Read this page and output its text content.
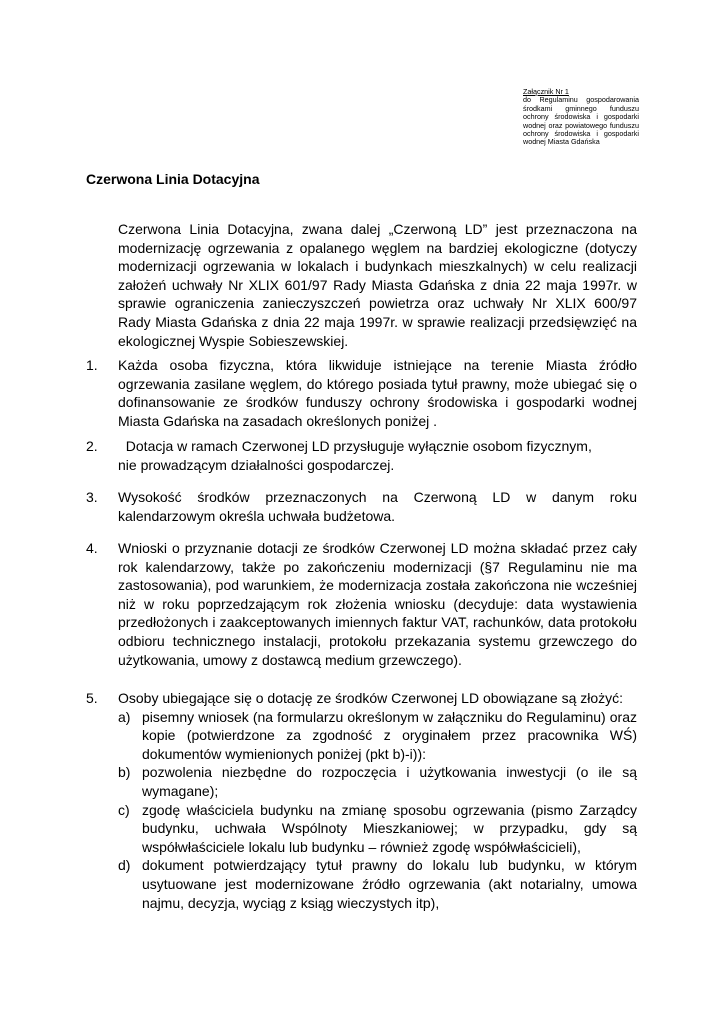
Załącznik Nr 1
do Regulaminu gospodarowania środkami gminnego funduszu ochrony środowiska i gospodarki wodnej oraz powiatowego funduszu ochrony środowiska i gospodarki wodnej Miasta Gdańska
Czerwona Linia Dotacyjna
Czerwona Linia Dotacyjna, zwana dalej „Czerwoną LD” jest przeznaczona na modernizację ogrzewania z opalanego węglem na bardziej ekologiczne (dotyczy modernizacji ogrzewania w lokalach i budynkach mieszkalnych) w celu realizacji założeń uchwały Nr XLIX 601/97 Rady Miasta Gdańska z dnia 22 maja 1997r. w sprawie ograniczenia zanieczyszczeń powietrza oraz uchwały Nr XLIX 600/97 Rady Miasta Gdańska z dnia 22 maja 1997r. w sprawie realizacji przedsięwzięć na ekologicznej Wyspie Sobieszewskiej.
1. Każda osoba fizyczna, która likwiduje istniejące na terenie Miasta źródło ogrzewania zasilane węglem, do którego posiada tytuł prawny, może ubiegać się o dofinansowanie ze środków funduszy ochrony środowiska i gospodarki wodnej Miasta Gdańska na zasadach określonych poniżej .
2. Dotacja w ramach Czerwonej LD przysługuje wyłącznie osobom fizycznym,
nie prowadzącym działalności gospodarczej.
3. Wysokość środków przeznaczonych na Czerwoną LD w danym roku kalendarzowym określa uchwała budżetowa.
4. Wnioski o przyznanie dotacji ze środków Czerwonej LD można składać przez cały rok kalendarzowy, także po zakończeniu modernizacji (§7 Regulaminu nie ma zastosowania), pod warunkiem, że modernizacja została zakończona nie wcześniej niż w roku poprzedzającym rok złożenia wniosku (decyduje: data wystawienia przedłożonych i zaakceptowanych imiennych faktur VAT, rachunków, data protokołu odbioru technicznego instalacji, protokołu przekazania systemu grzewczego do użytkowania, umowy z dostawcą medium grzewczego).
5. Osoby ubiegające się o dotację ze środków Czerwonej LD obowiązane są złożyć:
a) pisemny wniosek (na formularzu określonym w załączniku do Regulaminu) oraz kopie (potwierdzone za zgodność z oryginałem przez pracownika WŚ) dokumentów wymienionych poniżej (pkt b)-i)):
b) pozwolenia niezbędne do rozpoczęcia i użytkowania inwestycji (o ile są wymagane);
c) zgodę właściciela budynku na zmianę sposobu ogrzewania (pismo Zarządcy budynku, uchwała Wspólnoty Mieszkaniowej; w przypadku, gdy są współwłaściciele lokalu lub budynku – również zgodę współwłaścicieli),
d) dokument potwierdzający tytuł prawny do lokalu lub budynku, w którym usytuowane jest modernizowane źródło ogrzewania (akt notarialny, umowa najmu, decyzja, wyciąg z ksiąg wieczystych itp),
